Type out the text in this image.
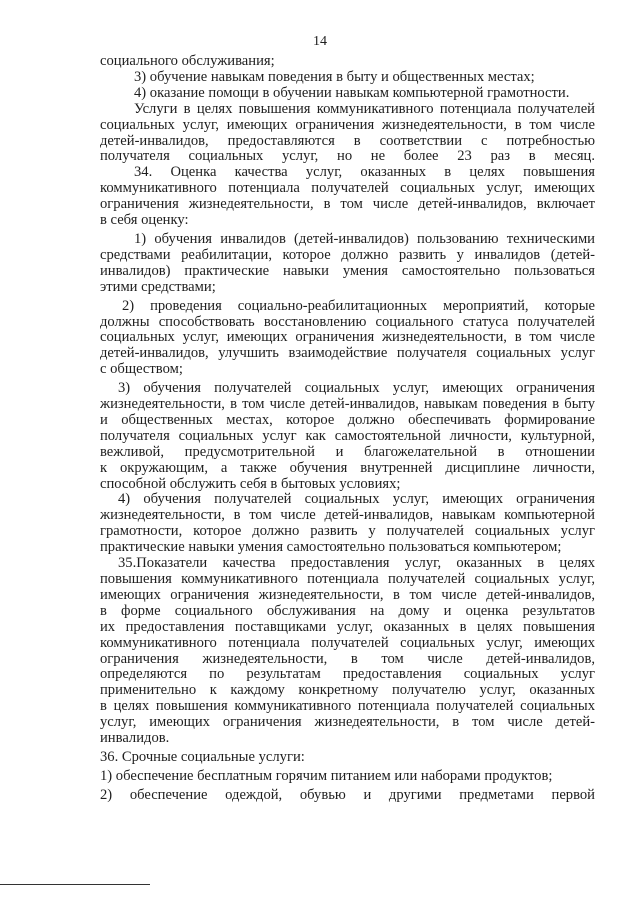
14
социального обслуживания;
3) обучение навыкам поведения в быту и общественных местах;
4) оказание помощи в обучении навыкам компьютерной грамотности.
Услуги в целях повышения коммуникативного потенциала получателей
социальных услуг, имеющих ограничения жизнедеятельности, в том числе
детей-инвалидов, предоставляются в соответствии с потребностью
получателя социальных услуг, но не более 23 раз в месяц.
34. Оценка качества услуг, оказанных в целях повышения
коммуникативного потенциала получателей социальных услуг, имеющих
ограничения жизнедеятельности, в том числе детей-инвалидов, включает
в себя оценку:
1) обучения инвалидов (детей-инвалидов) пользованию техническими
средствами реабилитации, которое должно развить у инвалидов (детей-
инвалидов) практические навыки умения самостоятельно пользоваться
этими средствами;
2) проведения социально-реабилитационных мероприятий, которые
должны способствовать восстановлению социального статуса получателей
социальных услуг, имеющих ограничения жизнедеятельности, в том числе
детей-инвалидов, улучшить взаимодействие получателя социальных услуг
с обществом;
3) обучения получателей социальных услуг, имеющих ограничения
жизнедеятельности, в том числе детей-инвалидов, навыкам поведения в быту
и общественных местах, которое должно обеспечивать формирование
получателя социальных услуг как самостоятельной личности, культурной,
вежливой, предусмотрительной и благожелательной в отношении
к окружающим, а также обучения внутренней дисциплине личности,
способной обслужить себя в бытовых условиях;
4) обучения получателей социальных услуг, имеющих ограничения
жизнедеятельности, в том числе детей-инвалидов, навыкам компьютерной
грамотности, которое должно развить у получателей социальных услуг
практические навыки умения самостоятельно пользоваться компьютером;
35.Показатели качества предоставления услуг, оказанных в целях
повышения коммуникативного потенциала получателей социальных услуг,
имеющих ограничения жизнедеятельности, в том числе детей-инвалидов,
в форме социального обслуживания на дому и оценка результатов
их предоставления поставщиками услуг, оказанных в целях повышения
коммуникативного потенциала получателей социальных услуг, имеющих
ограничения жизнедеятельности, в том числе детей-инвалидов,
определяются по результатам предоставления социальных услуг
применительно к каждому конкретному получателю услуг, оказанных
в целях повышения коммуникативного потенциала получателей социальных
услуг, имеющих ограничения жизнедеятельности, в том числе детей-
инвалидов.
36. Срочные социальные услуги:
1) обеспечение бесплатным горячим питанием или наборами продуктов;
2) обеспечение одеждой, обувью и другими предметами первой
